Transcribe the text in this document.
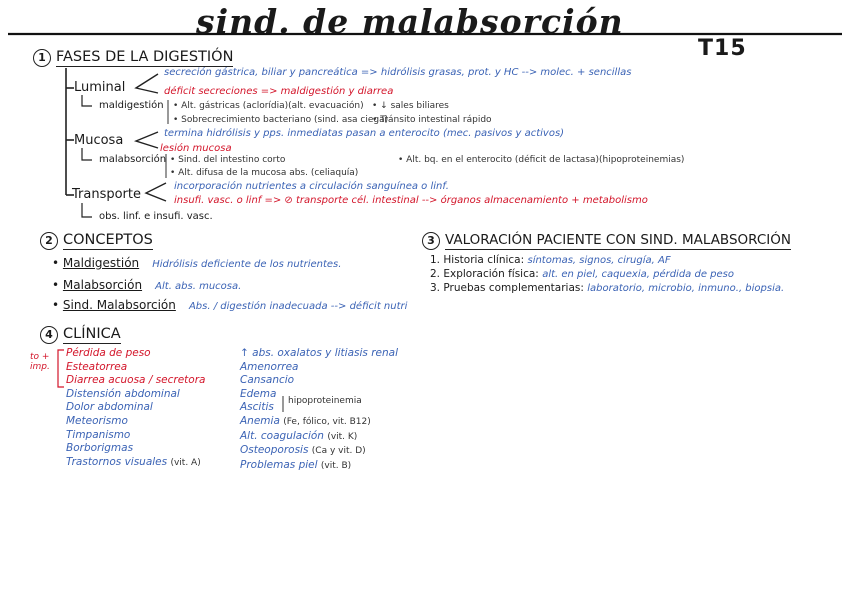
sind. de malabsorción
T15
1 FASES DE LA DIGESTIÓN
Luminal
secreción gástrica, biliar y pancreática => hidrólisis grasas, prot. y HC --> molec. + sencillas
déficit secreciones => maldigestión y diarrea
maldigestión • Alt. gástricas (aclorídia)(alt. evacuación)
• Sobrecrecimiento bacteriano (sind. asa ciega)
• ↓ sales biliares
• Tránsito intestinal rápido
Mucosa	termina hidrólisis y pps. inmediatas pasan a enterocito (mec. pasivos y activos)
lesión mucosa
malabsorción • Sind. del intestino corto
• Alt. difusa de la mucosa abs. (celiaquía)
• Alt. bq. en el enterocito (déficit de lactasa)(hipoproteinemias)
Transporte
incorporación nutrientes a circulación sanguínea o linf.
insufi. vasc. o linf => ⊘ transporte cél. intestinal --> órganos almacenamiento + metabolismo
obs. linf. e insufi. vasc.
2 CONCEPTOS
• Maldigestión Hidrólisis deficiente de los nutrientes.
• Malabsorción Alt. abs. mucosa.
• Sind. Malabsorción Abs. / digestión inadecuada --> déficit nutri
3 VALORACIÓN PACIENTE CON SIND. MALABSORCIÓN
1. Historia clínica: síntomas, signos, cirugía, AF
2. Exploración física: alt. en piel, caquexia, pérdida de peso
3. Pruebas complementarias: laboratorio, microbio, inmuno., biopsia.
4 CLÍNICA
to + imp.
Pérdida de peso
Esteatorrea
Diarrea acuosa / secretora
Distensión abdominal
Dolor abdominal
Meteorismo
Timpanismo
Borborigmas
Trastornos visuales (vit. A)
↑ abs. oxalatos y litiasis renal
Amenorrea
Cansancio
Edema
Ascitis
Anemia (Fe, fólico, vit. B12)
Alt. coagulación (vit. K)
Osteoporosis (Ca y vit. D)
Problemas piel (vit. B)
hipoproteinemia
